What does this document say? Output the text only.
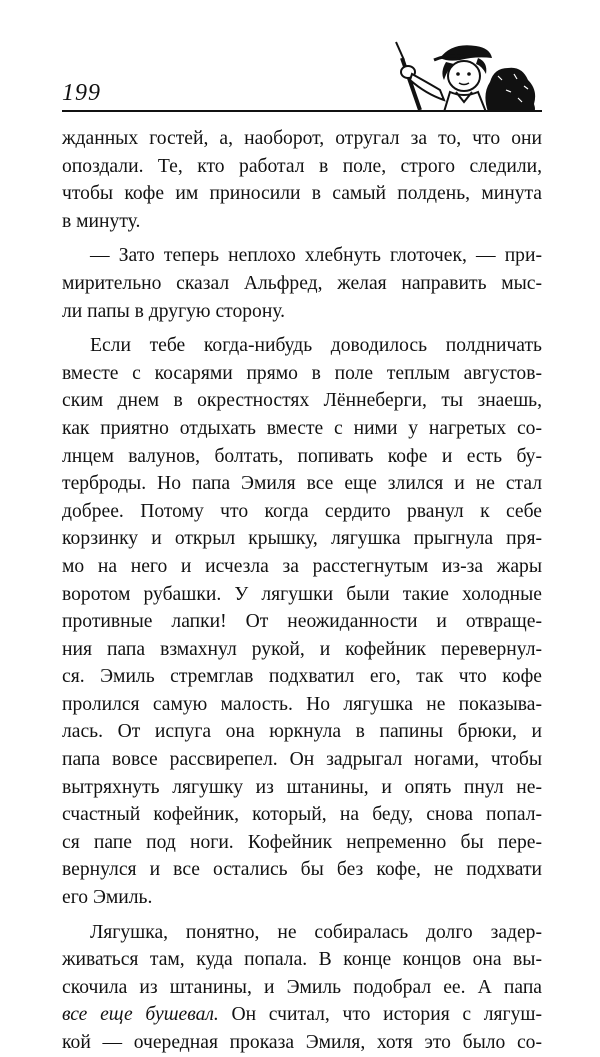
199
жданных гостей, а, наоборот, отругал за то, что они
опоздали. Те, кто работал в поле, строго следили,
чтобы кофе им приносили в самый полдень, минута
в минуту.
— Зато теперь неплохо хлебнуть глоточек, — при-
мирительно сказал Альфред, желая направить мыс-
ли папы в другую сторону.
Если тебе когда-нибудь доводилось полдничать
вместе с косарями прямо в поле теплым августов-
ским днем в окрестностях Лённеберги, ты знаешь,
как приятно отдыхать вместе с ними у нагретых со-
лнцем валунов, болтать, попивать кофе и есть бу-
терброды. Но папа Эмиля все еще злился и не стал
добрее. Потому что когда сердито рванул к себе
корзинку и открыл крышку, лягушка прыгнула пря-
мо на него и исчезла за расстегнутым из-за жары
воротом рубашки. У лягушки были такие холодные
противные лапки! От неожиданности и отвраще-
ния папа взмахнул рукой, и кофейник перевернул-
ся. Эмиль стремглав подхватил его, так что кофе
пролился самую малость. Но лягушка не показыва-
лась. От испуга она юркнула в папины брюки, и
папа вовсе рассвирепел. Он задрыгал ногами, чтобы
вытряхнуть лягушку из штанины, и опять пнул не-
счастный кофейник, который, на беду, снова попал-
ся папе под ноги. Кофейник непременно бы пере-
вернулся и все остались бы без кофе, не подхвати
его Эмиль.
Лягушка, понятно, не собиралась долго задер-
живаться там, куда попала. В конце концов она вы-
скочила из штанины, и Эмиль подобрал ее. А папа
все еще бушевал. Он считал, что история с лягуш-
кой — очередная проказа Эмиля, хотя это было со-
